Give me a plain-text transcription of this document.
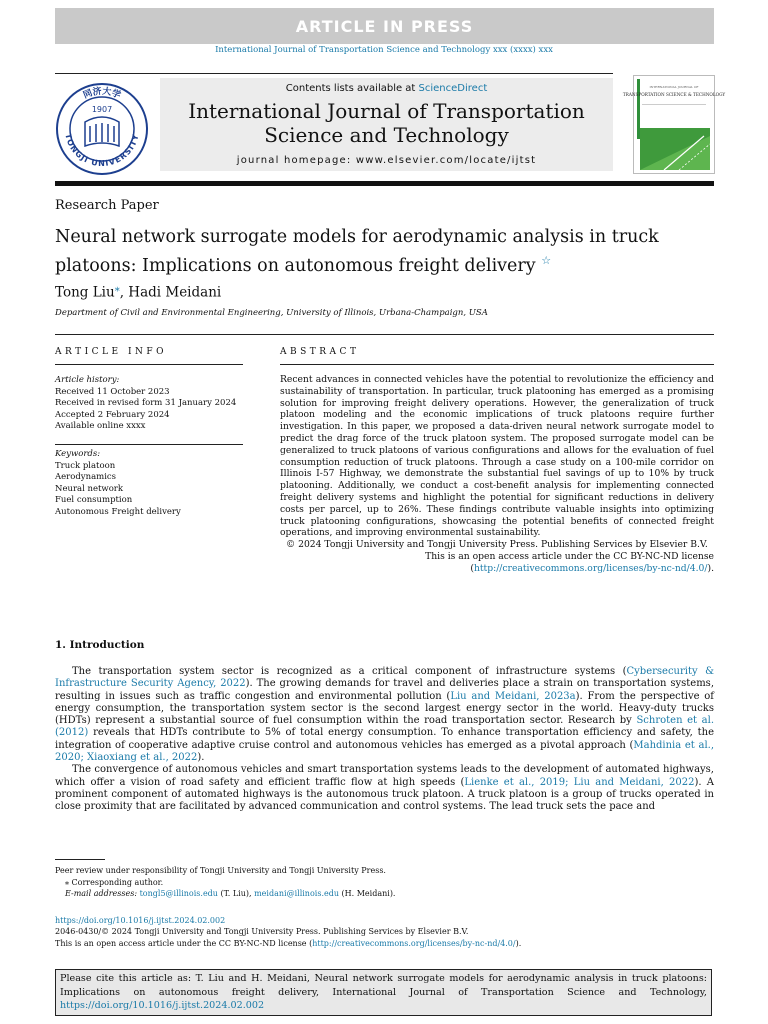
ARTICLE IN PRESS
International Journal of Transportation Science and Technology xxx (xxxx) xxx
同济大学
TONGJI UNIVERSITY
1907
Contents lists available at ScienceDirect
International Journal of Transportation Science and Technology
journal homepage: www.elsevier.com/locate/ijtst
INTERNATIONAL JOURNAL OF
TRANSPORTATION SCIENCE & TECHNOLOGY
Research Paper
Neural network surrogate models for aerodynamic analysis in truck platoons: Implications on autonomous freight delivery ☆
Tong Liu⁎, Hadi Meidani
Department of Civil and Environmental Engineering, University of Illinois, Urbana-Champaign, USA
ARTICLE INFO	ABSTRACT
Article history:
Received 11 October 2023
Received in revised form 31 January 2024
Accepted 2 February 2024
Available online xxxx
Keywords:
Truck platoon
Aerodynamics
Neural network
Fuel consumption
Autonomous Freight delivery
Recent advances in connected vehicles have the potential to revolutionize the efficiency and sustainability of transportation. In particular, truck platooning has emerged as a promising solution for improving freight delivery operations. However, the generalization of truck platoon modeling and the economic implications of truck platoons require further investigation. In this paper, we proposed a data-driven neural network surrogate model to predict the drag force of the truck platoon system. The proposed surrogate model can be generalized to truck platoons of various configurations and allows for the evaluation of fuel consumption reduction of truck platoons. Through a case study on a 100-mile corridor on Illinois I-57 Highway, we demonstrate the substantial fuel savings of up to 10% by truck platooning. Additionally, we conduct a cost-benefit analysis for implementing connected freight delivery systems and highlight the potential for significant reductions in delivery costs per parcel, up to 26%. These findings contribute valuable insights into optimizing truck platooning configurations, showcasing the potential benefits of connected freight operations, and improving environmental sustainability.
© 2024 Tongji University and Tongji University Press. Publishing Services by Elsevier B.V.
This is an open access article under the CC BY-NC-ND license (http://creativecommons.org/licenses/by-nc-nd/4.0/).
1. Introduction

The transportation system sector is recognized as a critical component of infrastructure systems (Cybersecurity & Infrastructure Security Agency, 2022). The growing demands for travel and deliveries place a strain on transportation systems, resulting in issues such as traffic congestion and environmental pollution (Liu and Meidani, 2023a). From the perspective of energy consumption, the transportation system sector is the second largest energy sector in the world. Heavy-duty trucks (HDTs) represent a substantial source of fuel consumption within the road transportation sector. Research by Schroten et al. (2012) reveals that HDTs contribute to 5% of total energy consumption. To enhance transportation efficiency and safety, the integration of cooperative adaptive cruise control and autonomous vehicles has emerged as a pivotal approach (Mahdinia et al., 2020; Xiaoxiang et al., 2022).

The convergence of autonomous vehicles and smart transportation systems leads to the development of automated highways, which offer a vision of road safety and efficient traffic flow at high speeds (Lienke et al., 2019; Liu and Meidani, 2022). A prominent component of automated highways is the autonomous truck platoon. A truck platoon is a group of trucks operated in close proximity that are facilitated by advanced communication and control systems. The lead truck sets the pace and

Peer review under responsibility of Tongji University and Tongji University Press.
⁎ Corresponding author.
E-mail addresses: tongl5@illinois.edu (T. Liu), meidani@illinois.edu (H. Meidani).
https://doi.org/10.1016/j.ijtst.2024.02.002
2046-0430/© 2024 Tongji University and Tongji University Press. Publishing Services by Elsevier B.V.
This is an open access article under the CC BY-NC-ND license (http://creativecommons.org/licenses/by-nc-nd/4.0/).
Please cite this article as: T. Liu and H. Meidani, Neural network surrogate models for aerodynamic analysis in truck platoons: Implications on autonomous freight delivery, International Journal of Transportation Science and Technology, https://doi.org/10.1016/j.ijtst.2024.02.002
